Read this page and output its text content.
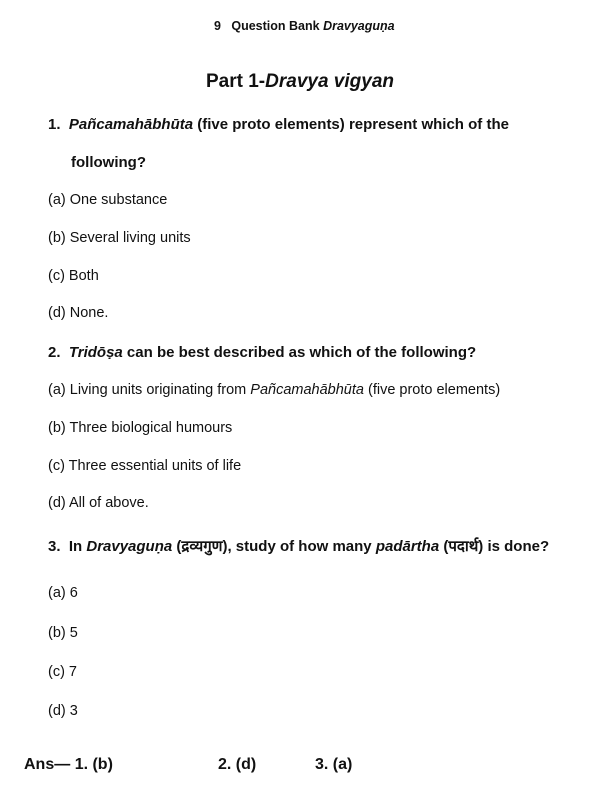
9 Question Bank Dravyaguṇa
Part 1-Dravya vigyan
1. Pañcamahābhūta (five proto elements) represent which of the
following?
(a) One substance
(b) Several living units
(c) Both
(d) None.
2. Tridōṣa can be best described as which of the following?
(a) Living units originating from Pañcamahābhūta (five proto elements)
(b) Three biological humours
(c) Three essential units of life
(d) All of above.
3. In Dravyaguṇa (द्रव्यगुण), study of how many padārtha (पदार्थ) is done?
(a) 6
(b) 5
(c) 7
(d) 3
Ans— 1. (b)	2. (d)	3. (a)
